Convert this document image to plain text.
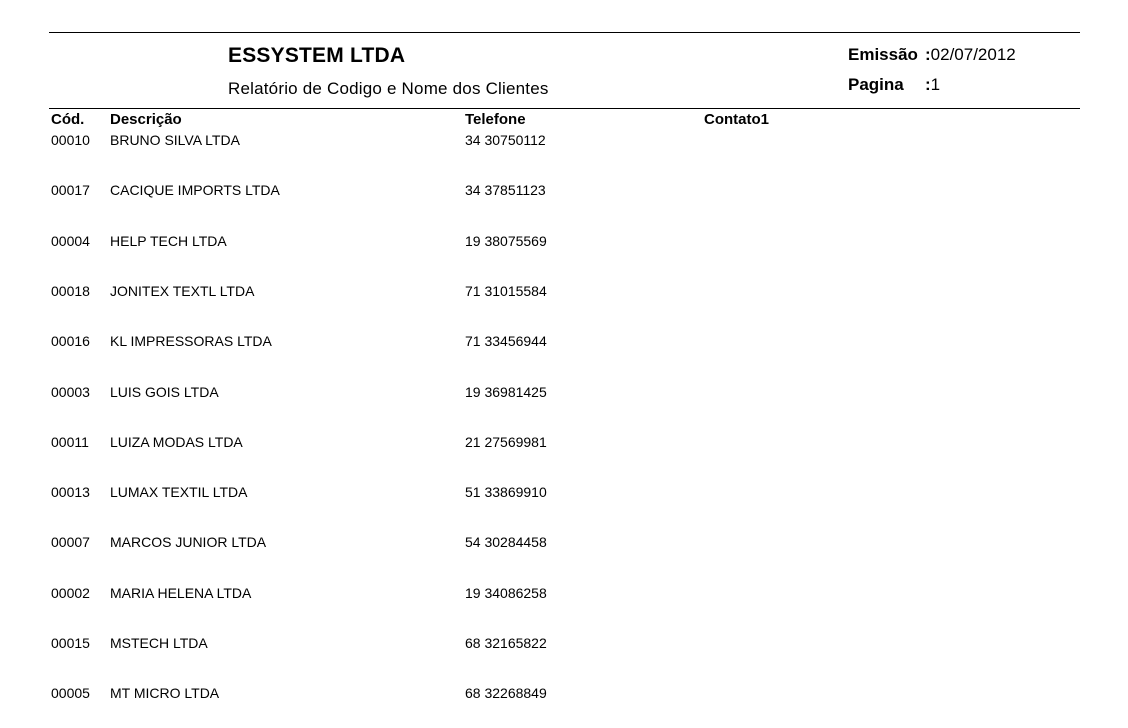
ESSYSTEM LTDA
Relatório de Codigo e Nome dos Clientes
Emissão :02/07/2012
Pagina :1
Cód. Descrição	Telefone	Contato1
00010 BRUNO SILVA LTDA	34 30750112
00017 CACIQUE IMPORTS LTDA	34 37851123
00004 HELP TECH LTDA	19 38075569
00018 JONITEX TEXTL LTDA	71 31015584
00016 KL IMPRESSORAS LTDA	71 33456944
00003 LUIS GOIS LTDA	19 36981425
00011 LUIZA MODAS LTDA	21 27569981
00013 LUMAX TEXTIL LTDA	51 33869910
00007 MARCOS JUNIOR LTDA	54 30284458
00002 MARIA HELENA LTDA	19 34086258
00015 MSTECH LTDA	68 32165822
00005 MT MICRO LTDA	68 32268849
